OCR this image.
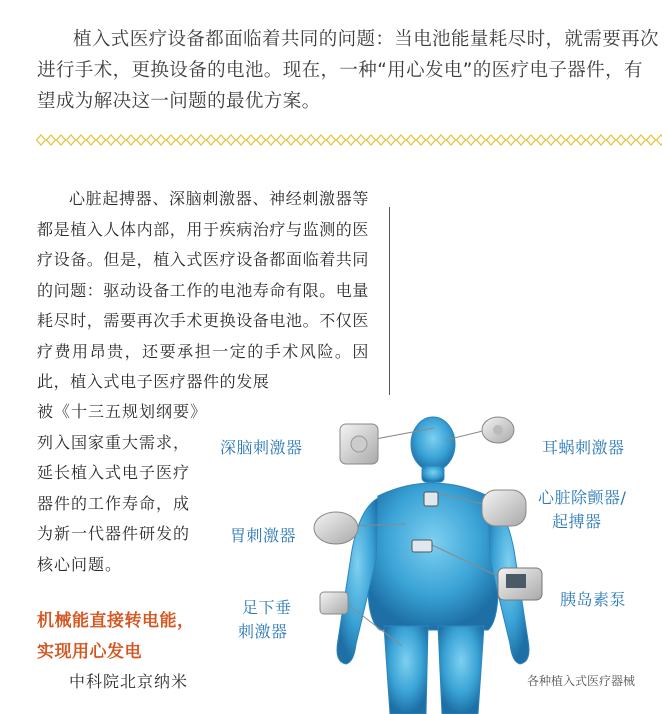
植入式医疗设备都面临着共同的问题：当电池能量耗尽时，就需要再次进行手术，更换设备的电池。现在，一种“用心发电”的医疗电子器件，有望成为解决这一问题的最优方案。

心脏起搏器、深脑刺激器、神经刺激器等都是植入人体内部，用于疾病治疗与监测的医疗设备。但是，植入式医疗设备都面临着共同的问题：驱动设备工作的电池寿命有限。电量耗尽时，需要再次手术更换设备电池。不仅医疗费用昂贵，还要承担一定的手术风险。因此，植入式电子医疗器件的发展

被《十三五规划纲要》
列入国家重大需求，
延长植入式电子医疗
器件的工作寿命，成
为新一代器件研发的
核心问题。
机械能直接转电能，
实现用心发电
中科院北京纳米
深脑刺激器	耳蜗刺激器
心脏除颤器/
起搏器
胃刺激器
胰岛素泵
足下垂
刺激器
各种植入式医疗器械
